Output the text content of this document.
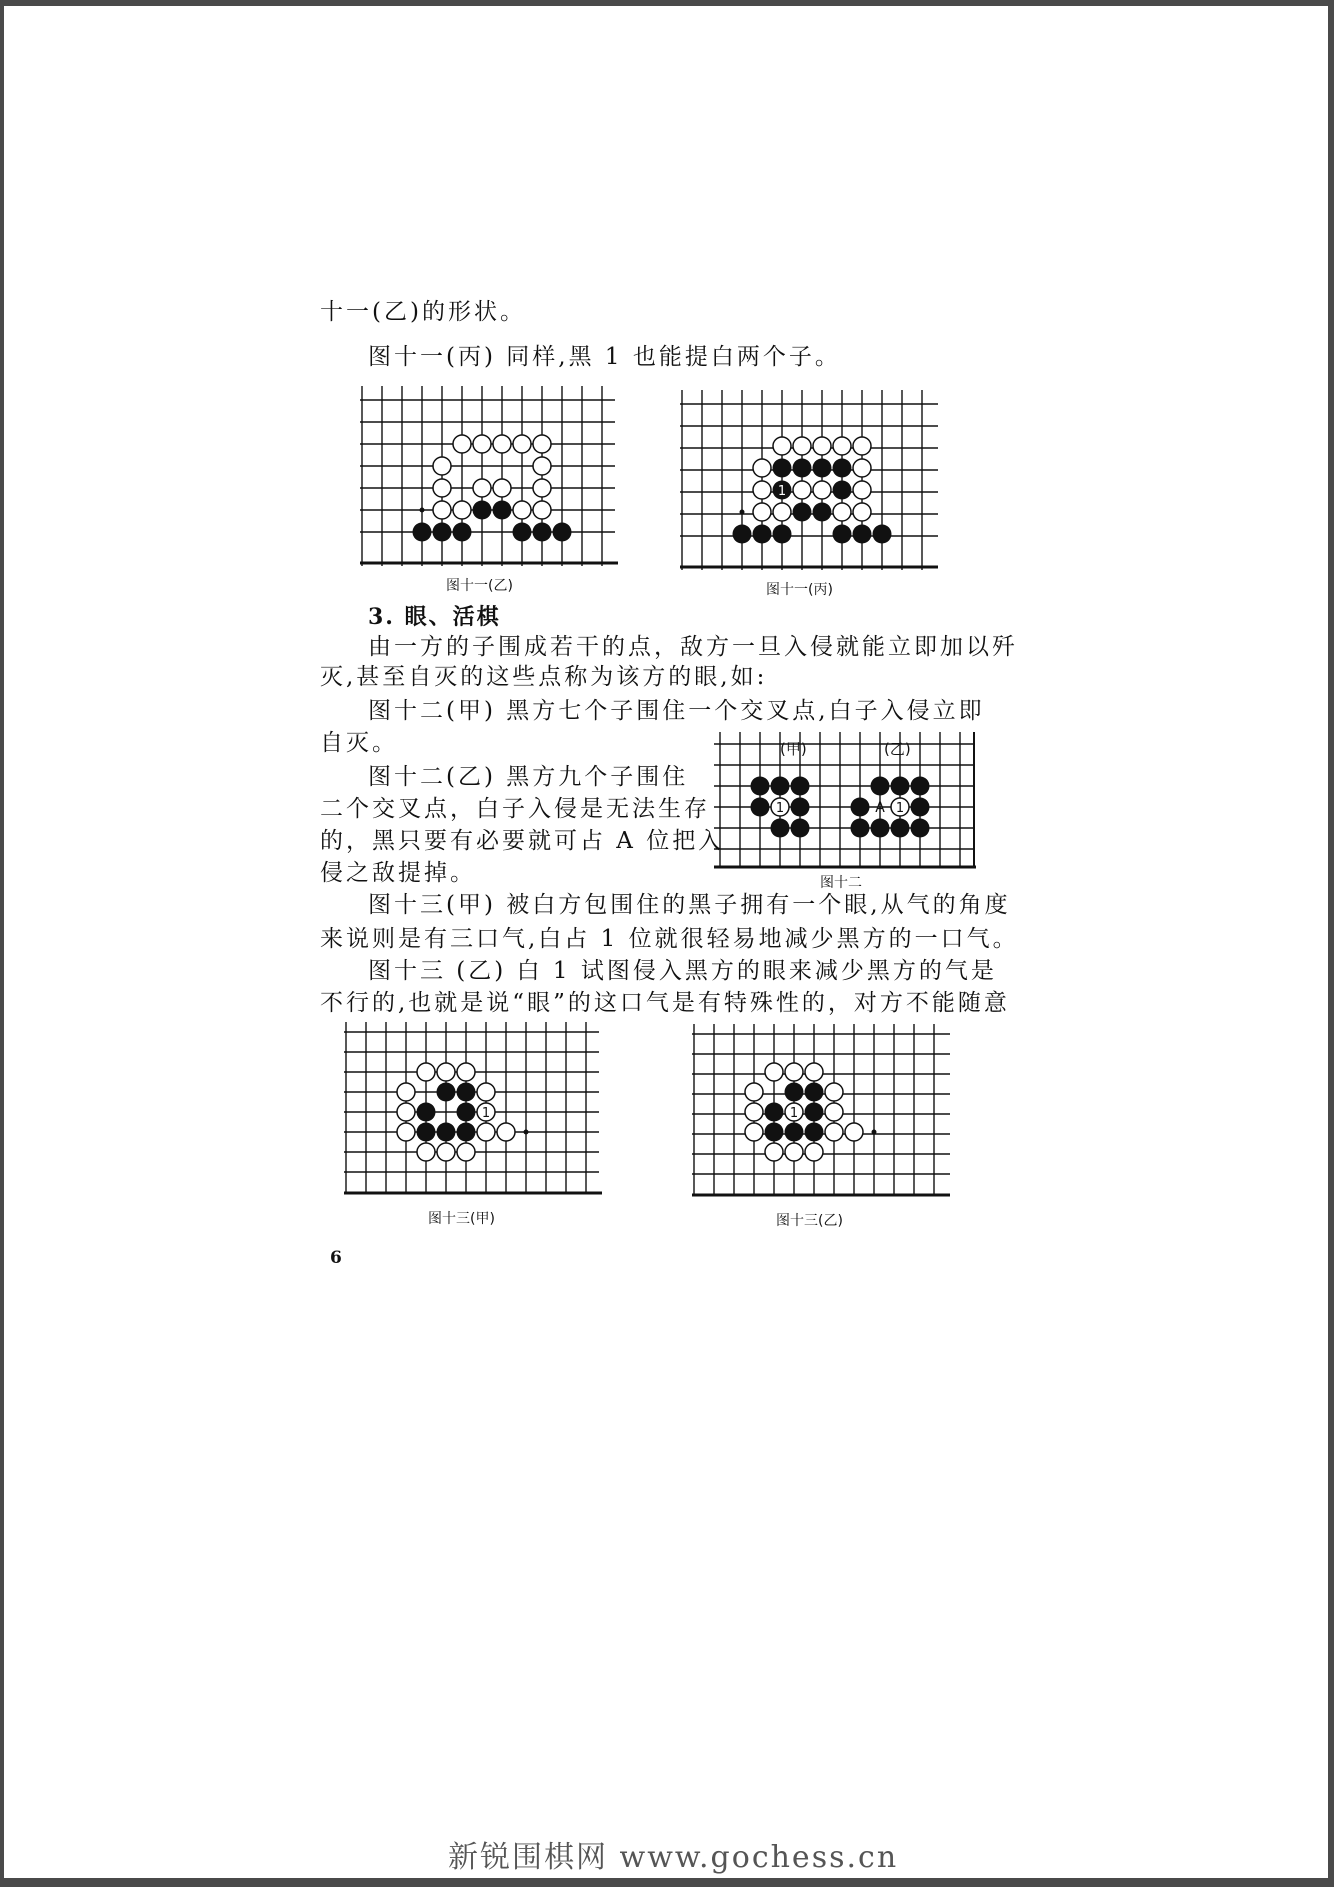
十一(乙)的形状。
图十一(丙) 同样,黑 1 也能提白两个子。
图十一(乙)
1
图十一(丙)
3. 眼、活棋
由一方的子围成若干的点，敌方一旦入侵就能立即加以歼
灭,甚至自灭的这些点称为该方的眼,如:
图十二(甲) 黑方七个子围住一个交叉点,白子入侵立即
自灭。
图十二(乙) 黑方九个子围住
二个交叉点，白子入侵是无法生存
的，黑只要有必要就可占 A 位把入
侵之敌提掉。
1	1
A
(甲)	(乙)
图十二
图十三(甲) 被白方包围住的黑子拥有一个眼,从气的角度
来说则是有三口气,白占 1 位就很轻易地减少黑方的一口气。
图十三 (乙) 白 1 试图侵入黑方的眼来减少黑方的气是
不行的,也就是说“眼”的这口气是有特殊性的，对方不能随意
1
图十三(甲)
1
图十三(乙)
6
新锐围棋网 www.gochess.cn
